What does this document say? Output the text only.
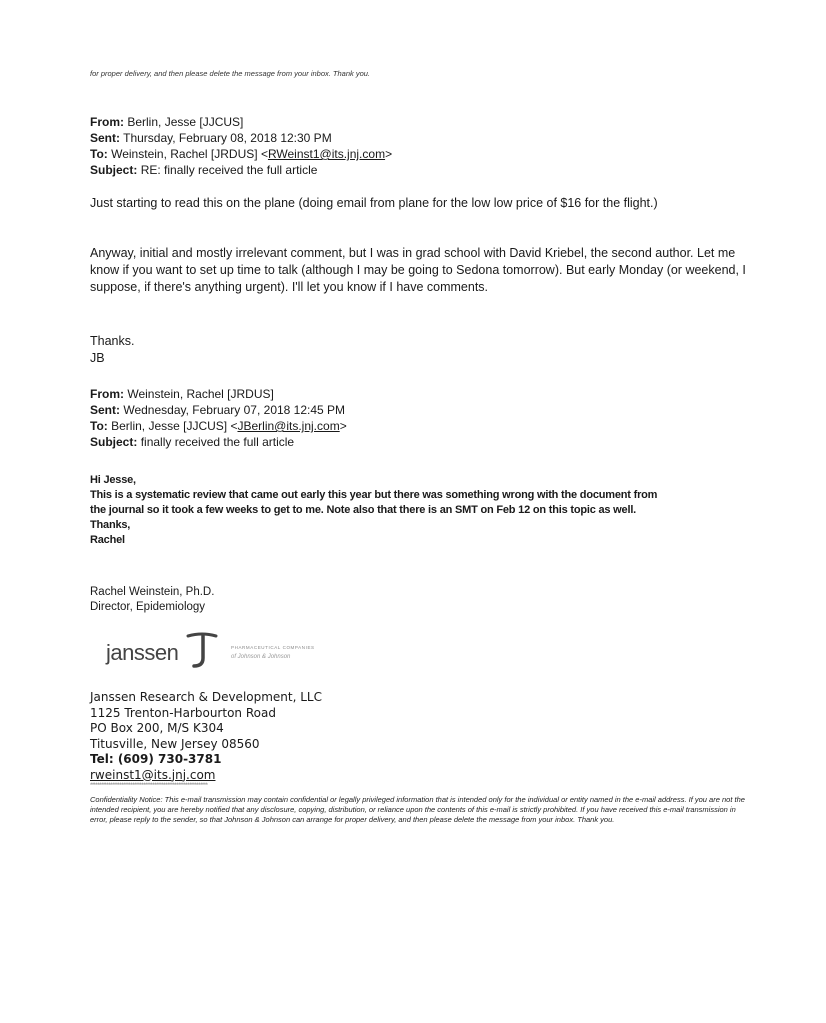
for proper delivery, and then please delete the message from your inbox. Thank you.
From: Berlin, Jesse [JJCUS]
Sent: Thursday, February 08, 2018 12:30 PM
To: Weinstein, Rachel [JRDUS] <RWeinst1@its.jnj.com>
Subject: RE: finally received the full article
Just starting to read this on the plane (doing email from plane for the low low price of $16 for the flight.)
Anyway, initial and mostly irrelevant comment, but I was in grad school with David Kriebel, the second author. Let me know if you want to set up time to talk (although I may be going to Sedona tomorrow). But early Monday (or weekend, I suppose, if there's anything urgent). I'll let you know if I have comments.
Thanks.
JB
From: Weinstein, Rachel [JRDUS]
Sent: Wednesday, February 07, 2018 12:45 PM
To: Berlin, Jesse [JJCUS] <JBerlin@its.jnj.com>
Subject: finally received the full article
Hi Jesse,
This is a systematic review that came out early this year but there was something wrong with the document from
the journal so it took a few weeks to get to me. Note also that there is an SMT on Feb 12 on this topic as well.
Thanks,
Rachel
Rachel Weinstein, Ph.D.
Director, Epidemiology
janssen	PHARMACEUTICAL COMPANIES
of Johnson & Johnson
Janssen Research & Development, LLC
1125 Trenton-Harbourton Road
PO Box 200, M/S K304
Titusville, New Jersey 08560
Tel: (609) 730-3781
rweinst1@its.jnj.com
****************************************************************
Confidentiality Notice: This e-mail transmission may contain confidential or legally privileged information that is intended only for the individual or entity named in the e-mail address. If you are not the intended recipient, you are hereby notified that any disclosure, copying, distribution, or reliance upon the contents of this e-mail is strictly prohibited. If you have received this e-mail transmission in error, please reply to the sender, so that Johnson & Johnson can arrange for proper delivery, and then please delete the message from your inbox. Thank you.
